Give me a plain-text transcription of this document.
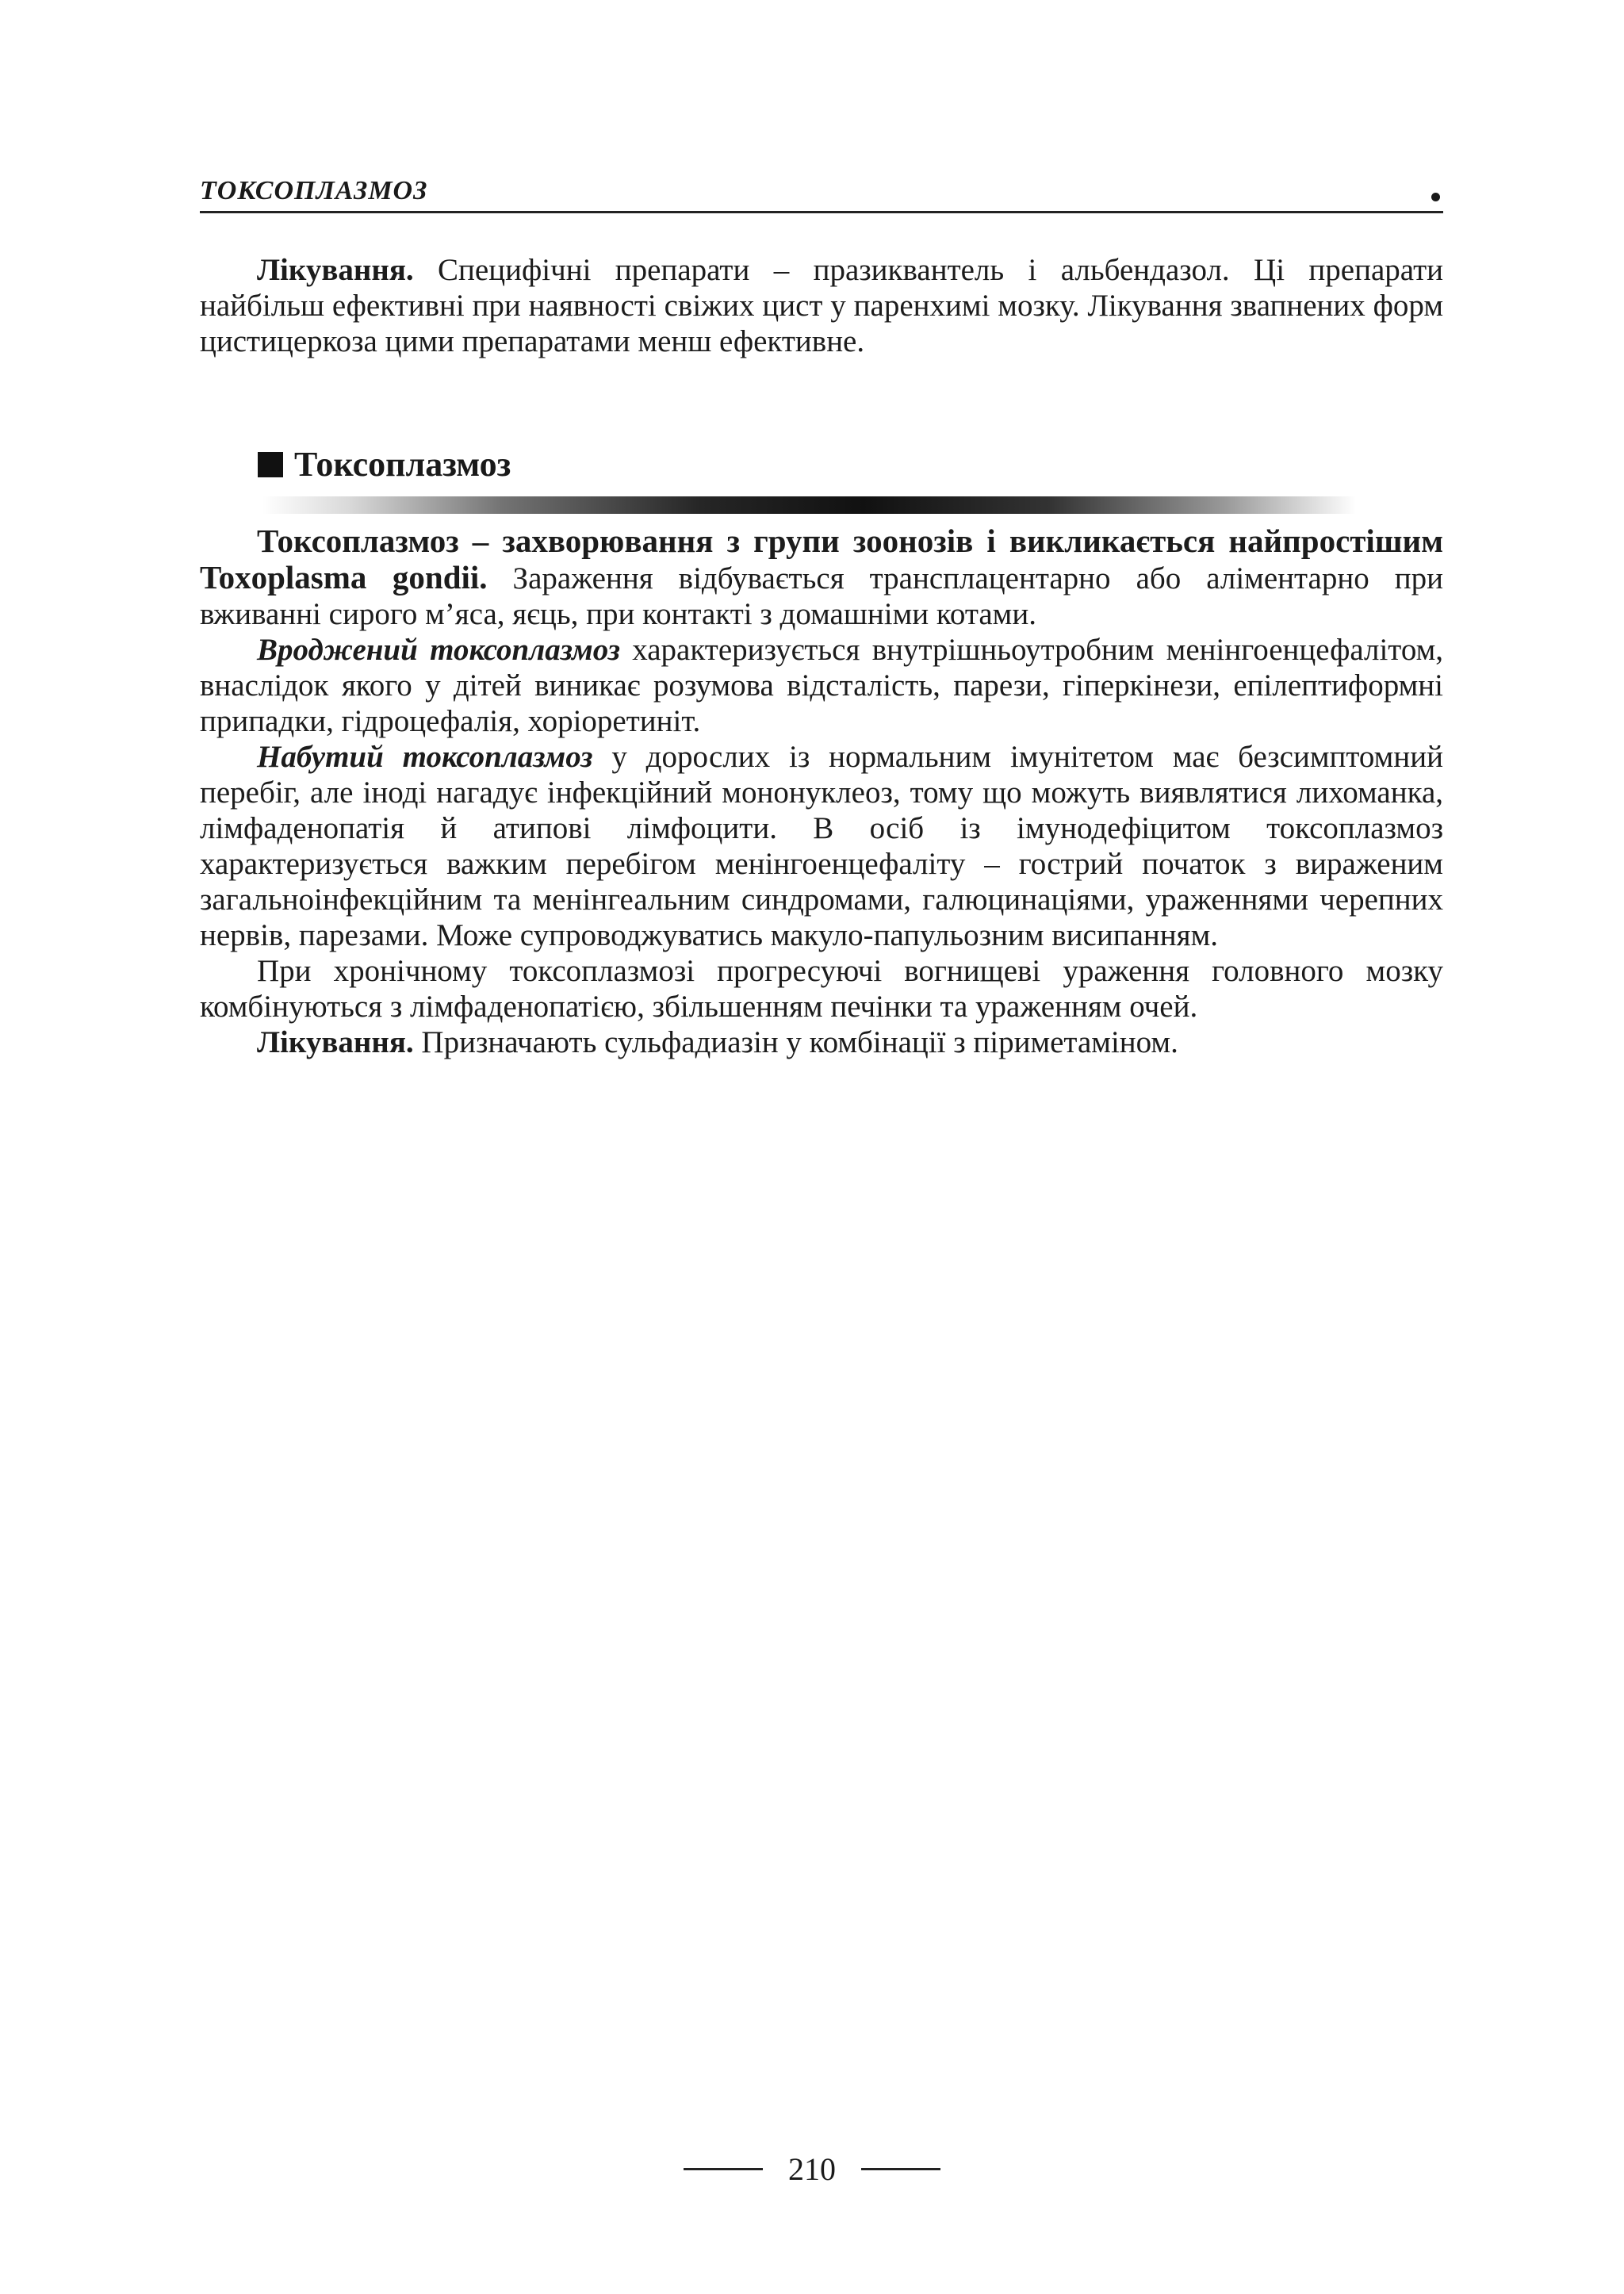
ТОКСОПЛАЗМОЗ

Лікування. Специфічні препарати – празиквантель і альбендазол. Ці препарати найбільш ефективні при наявності свіжих цист у паренхимі мозку. Лікування звапнених форм цистицеркоза цими препаратами менш ефективне.

Токсоплазмоз

Токсоплазмоз – захворювання з групи зоонозів і викликається найпростішим Toxoplasma gondii. Зараження відбувається трансплацентарно або аліментарно при вживанні сирого м’яса, яєць, при контакті з домашніми котами.

Вроджений токсоплазмоз характеризується внутрішньоутробним менінгоенцефалітом, внаслідок якого у дітей виникає розумова відсталість, парези, гіперкінези, епілептиформні припадки, гідроцефалія, хоріоретиніт.

Набутий токсоплазмоз у дорослих із нормальним імунітетом має безсимптомний перебіг, але іноді нагадує інфекційний мононуклеоз, тому що можуть виявлятися лихоманка, лімфаденопатія й атипові лімфоцити. В осіб із імунодефіцитом токсоплазмоз характеризується важким перебігом менінгоенцефаліту – гострий початок з вираженим загальноінфекційним та менінгеальним синдромами, галюцинаціями, ураженнями черепних нервів, парезами. Може супроводжуватись макуло-папульозним висипанням.

При хронічному токсоплазмозі прогресуючі вогнищеві ураження головного мозку комбінуються з лімфаденопатією, збільшенням печінки та ураженням очей.

Лікування. Призначають сульфадиазін у комбінації з піриметаміном.

210
